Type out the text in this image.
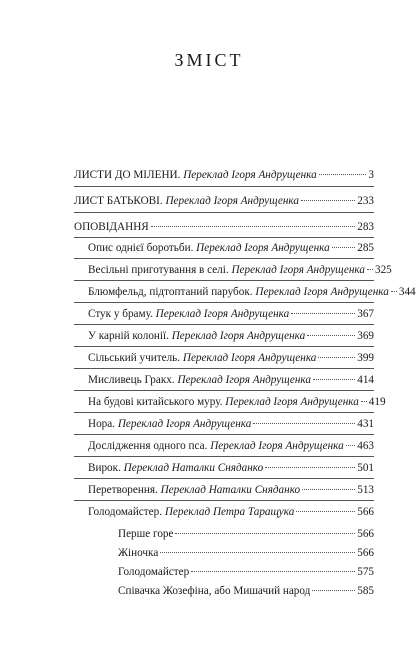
ЗМІСТ
ЛИСТИ ДО МІЛЕНИ. Переклад Ігоря Андрущенка	3
ЛИСТ БАТЬКОВІ. Переклад Ігоря Андрущенка	233
ОПОВІДАННЯ	283
Опис однієї боротьби. Переклад Ігоря Андрущенка 285
Весільні приготування в селі. Переклад Ігоря Андрущенка 325
Блюмфельд, підтоптаний парубок. Переклад Ігоря Андрущенка 344
Стук у браму. Переклад Ігоря Андрущенка	367
У карній колонії. Переклад Ігоря Андрущенка	369
Сільський учитель. Переклад Ігоря Андрущенка	399
Мисливець Гракх. Переклад Ігоря Андрущенка	414
На будові китайського муру. Переклад Ігоря Андрущенка 419
Нора. Переклад Ігоря Андрущенка	431
Дослідження одного пса. Переклад Ігоря Андрущенка 463
Вирок. Переклад Наталки Сняданко	501
Перетворення. Переклад Наталки Сняданко	513
Голодомайстер. Переклад Петра Таращука	566
Перше горе	566
Жіночка	566
Голодомайстер	575
Співачка Жозефіна, або Мишачий народ	585
